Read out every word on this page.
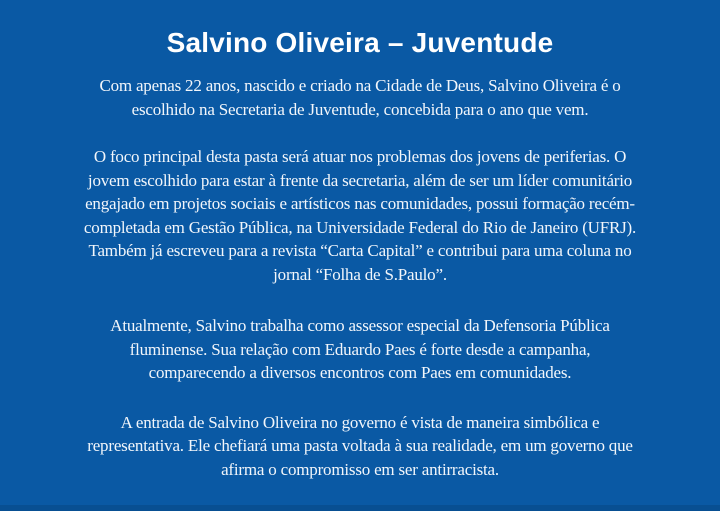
Salvino Oliveira – Juventude
Com apenas 22 anos, nascido e criado na Cidade de Deus, Salvino Oliveira é o
escolhido na Secretaria de Juventude, concebida para o ano que vem.
O foco principal desta pasta será atuar nos problemas dos jovens de periferias. O
jovem escolhido para estar à frente da secretaria, além de ser um líder comunitário
engajado em projetos sociais e artísticos nas comunidades, possui formação recém-
completada em Gestão Pública, na Universidade Federal do Rio de Janeiro (UFRJ).
Também já escreveu para a revista “Carta Capital” e contribui para uma coluna no
jornal “Folha de S.Paulo”.
Atualmente, Salvino trabalha como assessor especial da Defensoria Pública
fluminense. Sua relação com Eduardo Paes é forte desde a campanha,
comparecendo a diversos encontros com Paes em comunidades.
A entrada de Salvino Oliveira no governo é vista de maneira simbólica e
representativa. Ele chefiará uma pasta voltada à sua realidade, em um governo que
afirma o compromisso em ser antirracista.
